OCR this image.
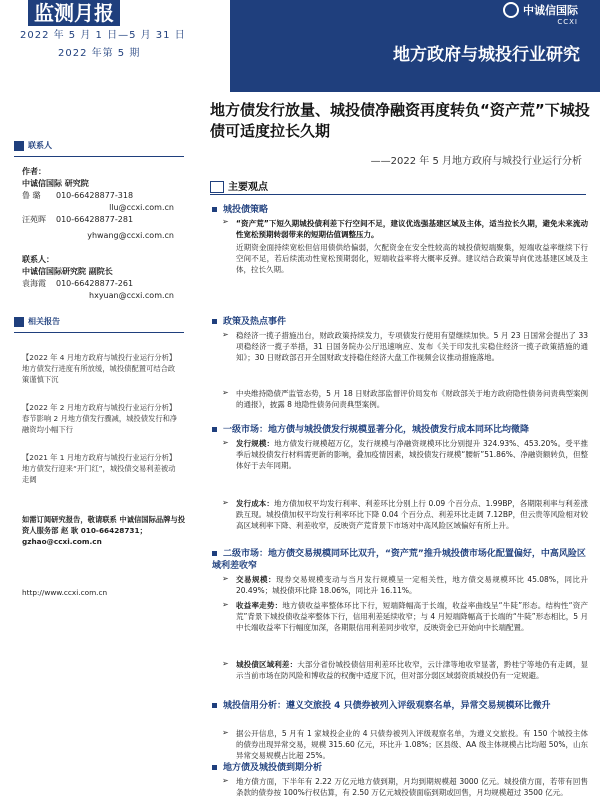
监测月报
2022 年 5 月 1 日—5 月 31 日
2022 年第 5 期
中诚信国际
CCXI
地方政府与城投行业研究
地方债发行放量、城投债净融资再度转负“资产荒”下城投债可适度拉长久期
——2022 年 5 月地方政府与城投行业运行分析
联系人
作者：
中诚信国际 研究院
鲁 璐 010-66428877-318
llu@ccxi.com.cn
汪苑晖 010-66428877-281
yhwang@ccxi.com.cn
联系人：
中诚信国际研究院 副院长
袁海霞 010-66428877-261
hxyuan@ccxi.com.cn
相关报告
【2022 年 4 月地方政府与城投行业运行分析】地方债发行进度有所放缓，城投债配置可结合政策谨慎下沉
【2022 年 2 月地方政府与城投行业运行分析】春节影响 2 月地方债发行骤减，城投债发行和净融资均小幅下行
【2021 年 1 月地方政府与城投行业运行分析】地方债发行迎来“开门红”，城投债交易利差被动走阔
如需订阅研究报告，敬请联系 中诚信国际品牌与投资人服务部 赵 耿 010-66428731； gzhao@ccxi.com.cn
http://www.ccxi.com.cn
主要观点
城投债策略
➢ “资产荒”下短久期城投债利差下行空间不足，建议优选强基建区域及主体，适当拉长久期，避免未来流动性宽松预期转弱带来的短期估值调整压力。
近期资金面持续宽松但信用债供给偏弱，欠配资金在安全性较高的城投债短端聚集，短端收益率继续下行空间不足，若后续流动性宽松预期弱化，短端收益率将大概率反弹。建议结合政策导向优选基建区域及主体，拉长久期。
政策及热点事件
➢ 稳经济一揽子措施出台，财政政策持续发力，专项债发行使用有望继续加快。5 月 23 日国常会提出了 33 项稳经济一揽子举措，31 日国务院办公厅迅速响应、发布《关于印发扎实稳住经济一揽子政策措施的通知》；30 日财政部召开全国财政支持稳住经济大盘工作视频会议推动措施落地。
➢ 中央维持隐债严监管态势，5 月 18 日财政部监督评价局发布《财政部关于地方政府隐性债务问责典型案例的通报》，披露 8 地隐性债务问责典型案例。
一级市场：地方债与城投债发行规模显著分化，城投债发行成本同环比均微降
➢ 发行规模：地方债发行规模超万亿，发行规模与净融资规模环比分别提升 324.93%、453.20%。受平推季后城投债发行材料需更新的影响，叠加疫情因素，城投债发行规模“腰斩”51.86%、净融资额转负，但整体好于去年同期。
➢ 发行成本：地方债加权平均发行利率、利差环比分别上行 0.09 个百分点、1.99BP，各期限利率与利差涨跌互现。城投债加权平均发行利率环比下降 0.04 个百分点、利差环比走阔 7.12BP，但云贵等风险相对较高区域利率下降、利差收窄，反映资产荒背景下市场对中高风险区域偏好有所上升。
二级市场：地方债交易规模同环比双升，“资产荒”推升城投债市场化配置偏好，中高风险区域利差收窄
➢ 交易规模：现券交易规模变动与当月发行规模呈一定相关性，地方债交易规模环比 45.08%，同比升 20.49%；城投债环比降 18.06%，同比升 16.11%。
➢ 收益率走势：地方债收益率整体环比下行，短端降幅高于长端，收益率曲线呈“牛陡”形态。结构性“资产荒”背景下城投债收益率整体下行，信用利差延续收窄；与 4 月短端降幅高于长端的“牛陡”形态相比，5 月中长端收益率下行幅度加深，各期限信用利差同步收窄，反映资金已开始向中长端配置。
➢ 城投债区域利差：大部分省份城投债信用利差环比收窄，云计津等地收窄显著，黔桂宁等地仍有走阔，显示当前市场在防风险和博收益的权衡中适度下沉，但对部分弱区域弱资质城投仍有一定规避。
城投信用分析：遵义交旅投 4 只债券被列入评级观察名单，异常交易规模环比微升
➢ 据公开信息，5 月有 1 家城投企业的 4 只债券被列入评级观察名单，为遵义交旅投。有 150 个城投主体的债券出现异常交易，规模 315.60 亿元，环比升 1.08%；区县级、AA 级主体规模占比均超 50%，山东异常交易规模占比超 25%。
地方债及城投债到期分析
➢ 地方债方面，下半年有 2.22 万亿元地方债到期，月均到期规模超 3000 亿元。城投债方面，若带有回售条款的债券按 100%行权估算，有 2.50 万亿元城投债面临到期或回售，月均规模超过 3500 亿元。
